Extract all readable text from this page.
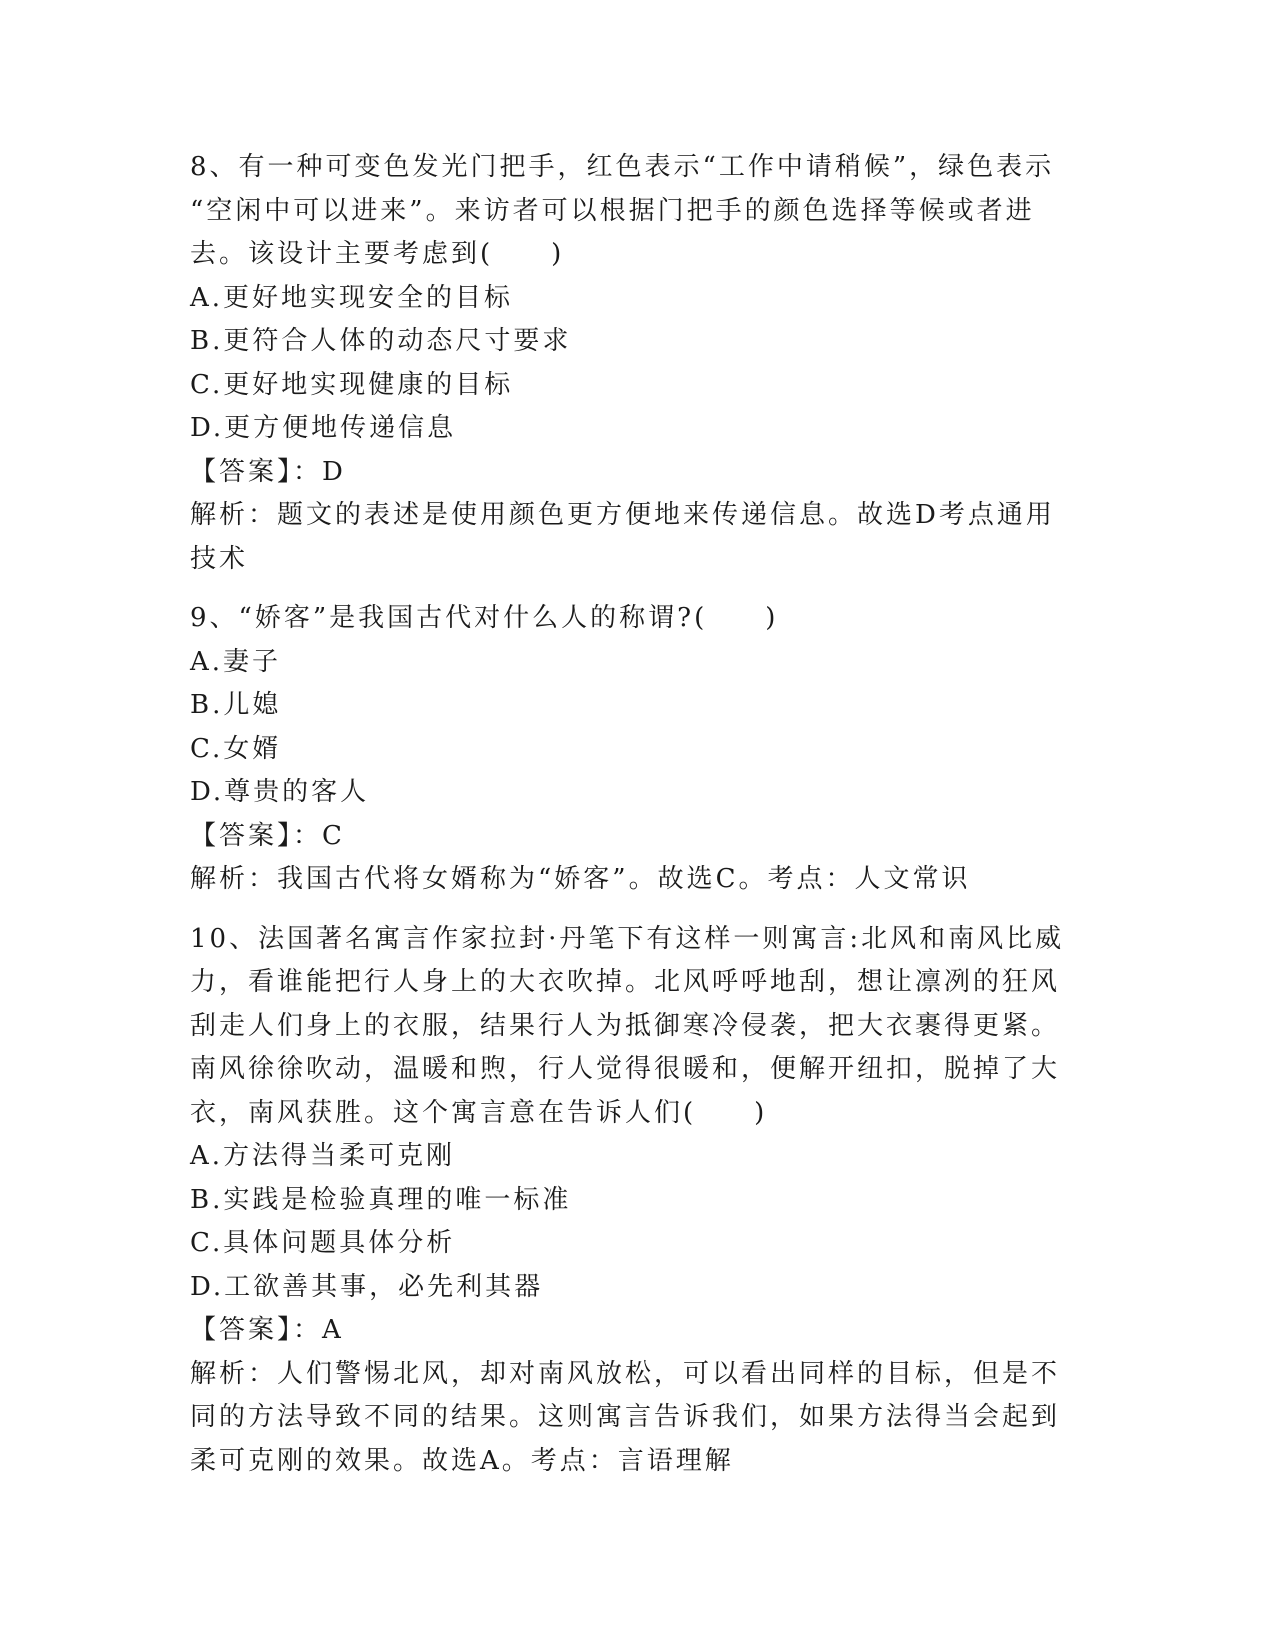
8、有一种可变色发光门把手，红色表示“工作中请稍候”，绿色表示
“空闲中可以进来”。来访者可以根据门把手的颜色选择等候或者进
去。该设计主要考虑到(　　)
A.更好地实现安全的目标
B.更符合人体的动态尺寸要求
C.更好地实现健康的目标
D.更方便地传递信息
【答案】：D
解析：题文的表述是使用颜色更方便地来传递信息。故选D考点通用
技术
9、“娇客”是我国古代对什么人的称谓?(　　)
A.妻子
B.儿媳
C.女婿
D.尊贵的客人
【答案】：C
解析：我国古代将女婿称为“娇客”。故选C。考点：人文常识
10、法国著名寓言作家拉封·丹笔下有这样一则寓言:北风和南风比威
力，看谁能把行人身上的大衣吹掉。北风呼呼地刮，想让凛冽的狂风
刮走人们身上的衣服，结果行人为抵御寒冷侵袭，把大衣裹得更紧。
南风徐徐吹动，温暖和煦，行人觉得很暖和，便解开纽扣，脱掉了大
衣，南风获胜。这个寓言意在告诉人们(　　)
A.方法得当柔可克刚
B.实践是检验真理的唯一标准
C.具体问题具体分析
D.工欲善其事，必先利其器
【答案】：A
解析：人们警惕北风，却对南风放松，可以看出同样的目标，但是不
同的方法导致不同的结果。这则寓言告诉我们，如果方法得当会起到
柔可克刚的效果。故选A。考点：言语理解
